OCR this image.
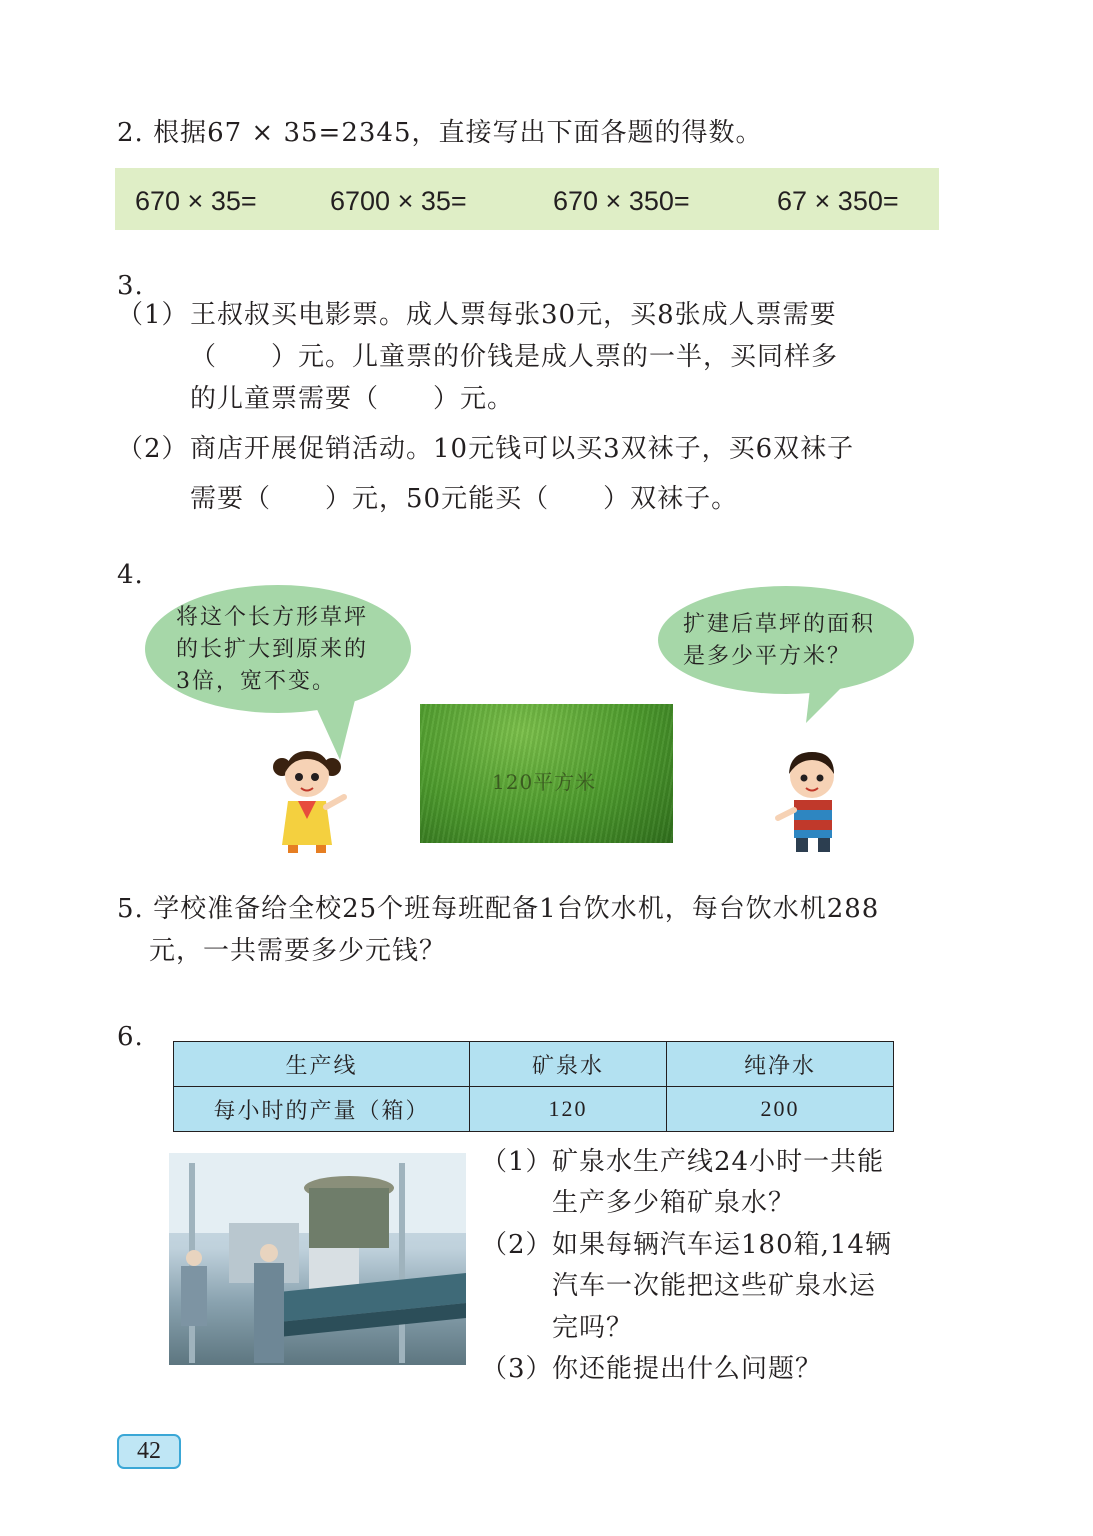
2. 根据67 × 35=2345，直接写出下面各题的得数。
670 × 35=	6700 × 35=	670 × 350=	67 × 350=
3.
（1） 王叔叔买电影票。成人票每张30元，买8张成人票需要
（　　）元。儿童票的价钱是成人票的一半，买同样多
的儿童票需要（　　）元。
（2） 商店开展促销活动。10元钱可以买3双袜子，买6双袜子
需要（　　）元，50元能买（　　）双袜子。
4.
将这个长方形草坪
的长扩大到原来的
3倍，宽不变。
扩建后草坪的面积
是多少平方米？
120平方米
5. 学校准备给全校25个班每班配备1台饮水机，每台饮水机288
元，一共需要多少元钱？
6.
生产线	矿泉水	纯净水
每小时的产量（箱）	120	200
（1） 矿泉水生产线24小时一共能
生产多少箱矿泉水？
（2） 如果每辆汽车运180箱,14辆
汽车一次能把这些矿泉水运
完吗？
（3） 你还能提出什么问题？
42
